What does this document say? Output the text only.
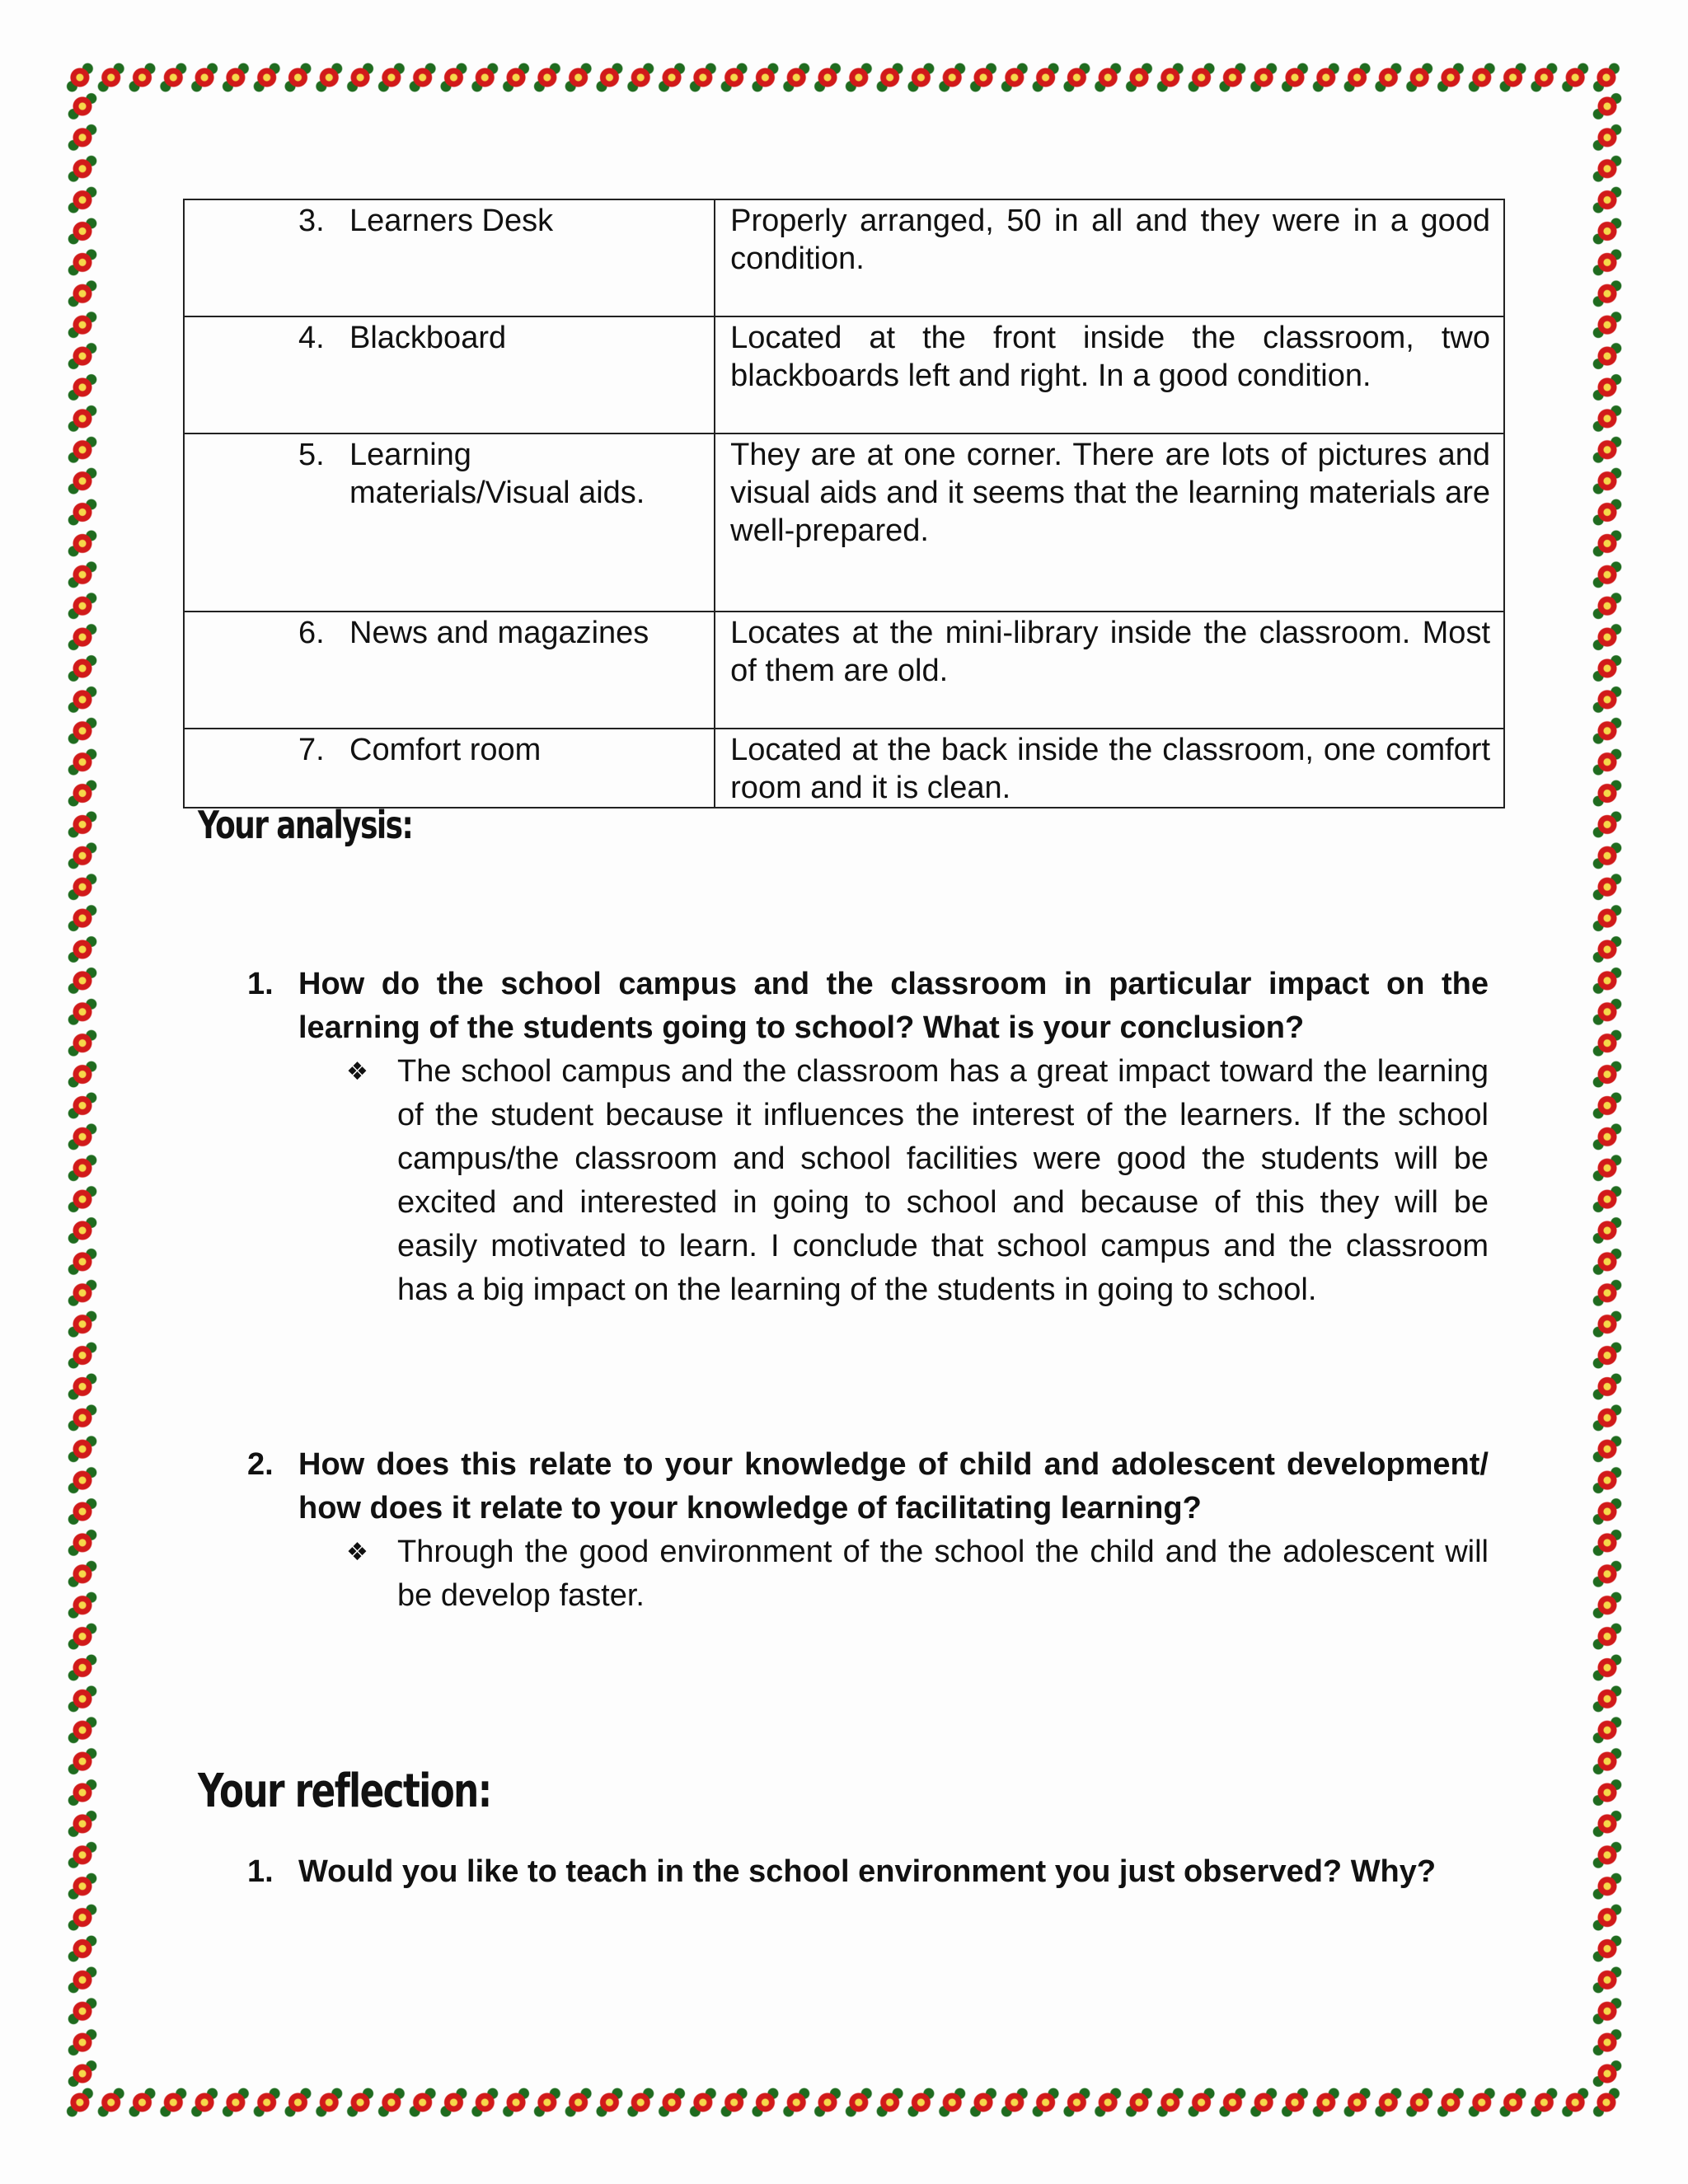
3. Learners Desk	Properly arranged, 50 in all and they were in a good condition.

4. Blackboard	Located at the front inside the classroom, two blackboards left and right. In a good condition.

5. Learning materials/Visual aids.	They are at one corner. There are lots of pictures and visual aids and it seems that the learning materials are well-prepared.

6. News and magazines	Locates at the mini-library inside the classroom. Most of them are old.

7. Comfort room	Located at the back inside the classroom, one comfort room and it is clean.
Your analysis:
1. How do the school campus and the classroom in particular impact on the learning of the students going to school? What is your conclusion?
❖ The school campus and the classroom has a great impact toward the learning of the student because it influences the interest of the learners. If the school campus/the classroom and school facilities were good the students will be excited and interested in going to school and because of this they will be easily motivated to learn. I conclude that school campus and the classroom has a big impact on the learning of the students in going to school.
2. How does this relate to your knowledge of child and adolescent development/ how does it relate to your knowledge of facilitating learning?
❖ Through the good environment of the school the child and the adolescent will be develop faster.
Your reflection:
1. Would you like to teach in the school environment you just observed? Why?
